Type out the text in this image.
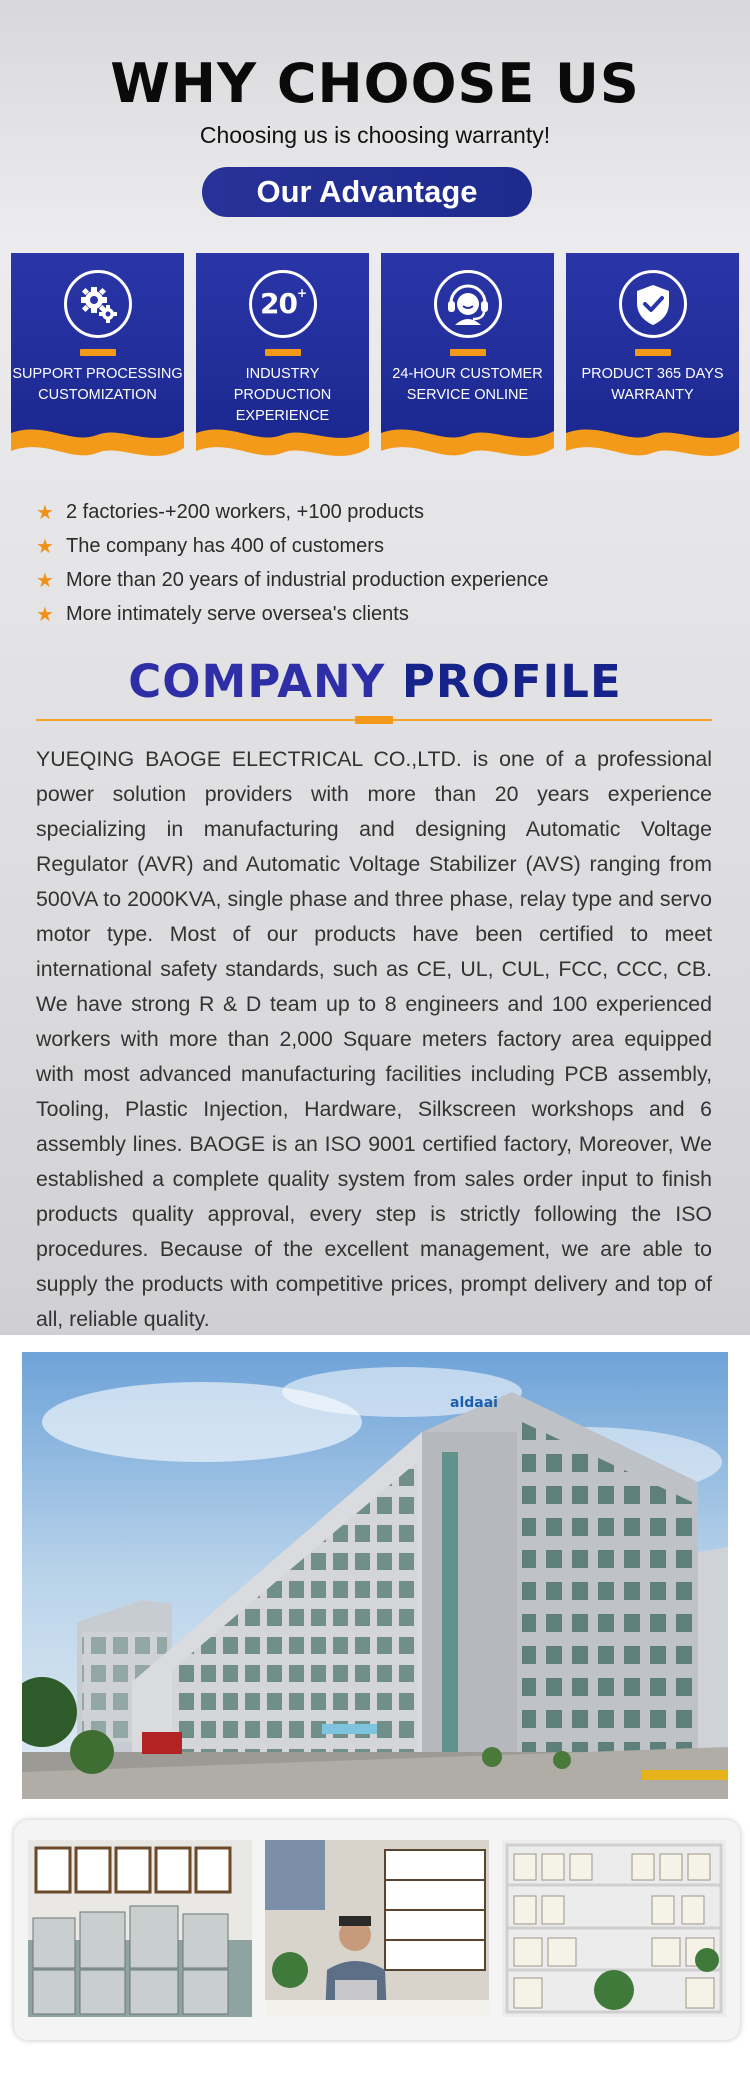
WHY CHOOSE US
Choosing us is choosing warranty!
Our Advantage
SUPPORT PROCESSING
CUSTOMIZATION
20+
INDUSTRY PRODUCTION
EXPERIENCE
24-HOUR CUSTOMER
SERVICE ONLINE
PRODUCT 365 DAYS
WARRANTY
★ 2 factories-+200 workers, +100 products
★ The company has 400 of customers
★ More than 20 years of industrial production experience
★ More intimately serve oversea's clients
COMPANY PROFILE
YUEQING BAOGE ELECTRICAL CO.,LTD. is one of a professional power solution providers with more than 20 years experience specializing in manufacturing and designing Automatic Voltage Regulator (AVR) and Automatic Voltage Stabilizer (AVS) ranging from 500VA to 2000KVA, single phase and three phase, relay type and servo motor type. Most of our products have been certified to meet international safety standards, such as CE, UL, CUL, FCC, CCC, CB. We have strong R & D team up to 8 engineers and 100 experienced workers with more than 2,000 Square meters factory area equipped with most advanced manufacturing facilities including PCB assembly, Tooling, Plastic Injection, Hardware, Silkscreen workshops and 6 assembly lines. BAOGE is an ISO 9001 certified factory, Moreover, We established a complete quality system from sales order input to finish products quality approval, every step is strictly following the ISO procedures. Because of the excellent management, we are able to supply the products with competitive prices, prompt delivery and top of all, reliable quality.
aldaai
